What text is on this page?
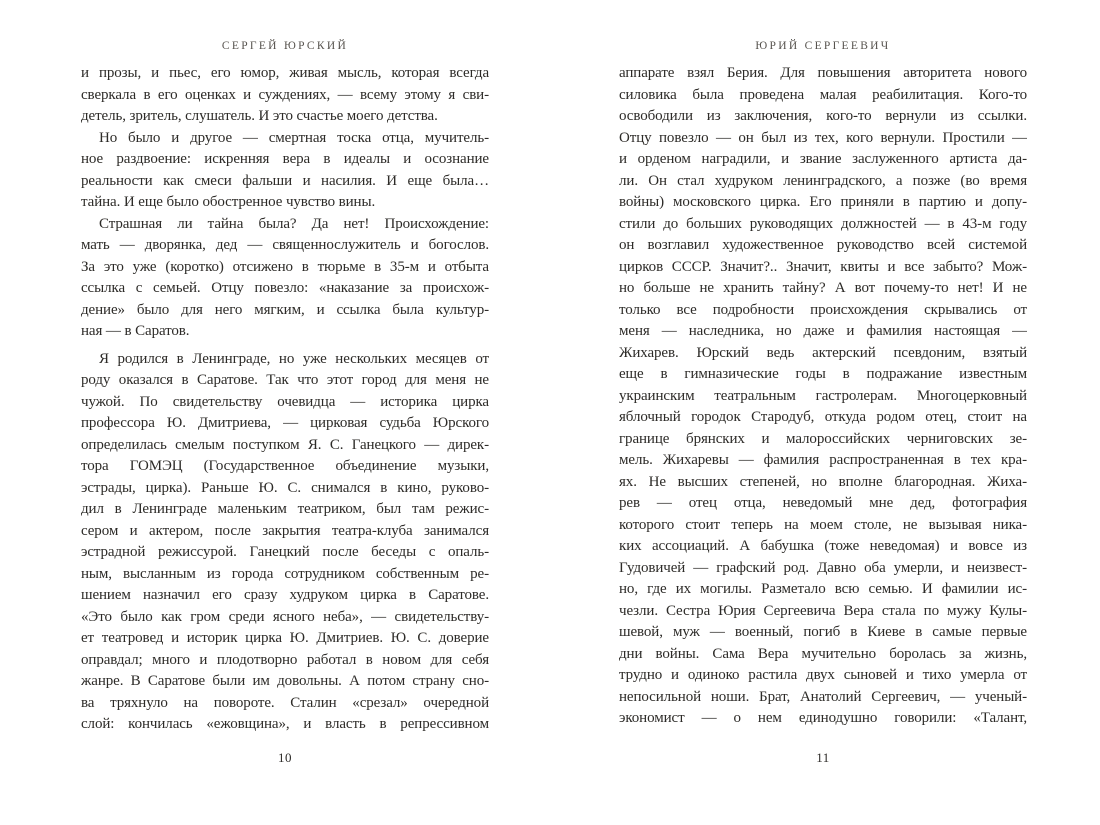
СЕРГЕЙ ЮРСКИЙ
и прозы, и пьес, его юмор, живая мысль, которая всегда
сверкала в его оценках и суждениях, — всему этому я сви-
детель, зритель, слушатель. И это счастье моего детства.
Но было и другое — смертная тоска отца, мучитель-
ное раздвоение: искренняя вера в идеалы и осознание
реальности как смеси фальши и насилия. И еще была…
тайна. И еще было обостренное чувство вины.
Страшная ли тайна была? Да нет! Происхождение:
мать — дворянка, дед — священнослужитель и богослов.
За это уже (коротко) отсижено в тюрьме в 35-м и отбыта
ссылка с семьей. Отцу повезло: «наказание за происхож-
дение» было для него мягким, и ссылка была культур-
ная — в Саратов.
Я родился в Ленинграде, но уже нескольких месяцев от
роду оказался в Саратове. Так что этот город для меня не
чужой. По свидетельству очевидца — историка цирка
профессора Ю. Дмитриева, — цирковая судьба Юрского
определилась смелым поступком Я. С. Ганецкого — дирек-
тора ГОМЭЦ (Государственное объединение музыки,
эстрады, цирка). Раньше Ю. С. снимался в кино, руково-
дил в Ленинграде маленьким театриком, был там режис-
сером и актером, после закрытия театра-клуба занимался
эстрадной режиссурой. Ганецкий после беседы с опаль-
ным, высланным из города сотрудником собственным ре-
шением назначил его сразу худруком цирка в Саратове.
«Это было как гром среди ясного неба», — свидетельству-
ет театровед и историк цирка Ю. Дмитриев. Ю. С. доверие
оправдал; много и плодотворно работал в новом для себя
жанре. В Саратове были им довольны. А потом страну сно-
ва тряхнуло на повороте. Сталин «срезал» очередной
слой: кончилась «ежовщина», и власть в репрессивном
10
ЮРИЙ СЕРГЕЕВИЧ
аппарате взял Берия. Для повышения авторитета нового
силовика была проведена малая реабилитация. Кого-то
освободили из заключения, кого-то вернули из ссылки.
Отцу повезло — он был из тех, кого вернули. Простили —
и орденом наградили, и звание заслуженного артиста да-
ли. Он стал худруком ленинградского, а позже (во время
войны) московского цирка. Его приняли в партию и допу-
стили до больших руководящих должностей — в 43-м году
он возглавил художественное руководство всей системой
цирков СССР. Значит?.. Значит, квиты и все забыто? Мож-
но больше не хранить тайну? А вот почему-то нет! И не
только все подробности происхождения скрывались от
меня — наследника, но даже и фамилия настоящая —
Жихарев. Юрский ведь актерский псевдоним, взятый
еще в гимназические годы в подражание известным
украинским театральным гастролерам. Многоцерковный
яблочный городок Стародуб, откуда родом отец, стоит на
границе брянских и малороссийских черниговских зе-
мель. Жихаревы — фамилия распространенная в тех кра-
ях. Не высших степеней, но вполне благородная. Жиха-
рев — отец отца, неведомый мне дед, фотография
которого стоит теперь на моем столе, не вызывая ника-
ких ассоциаций. А бабушка (тоже неведомая) и вовсе из
Гудовичей — графский род. Давно оба умерли, и неизвест-
но, где их могилы. Разметало всю семью. И фамилии ис-
чезли. Сестра Юрия Сергеевича Вера стала по мужу Кулы-
шевой, муж — военный, погиб в Киеве в самые первые
дни войны. Сама Вера мучительно боролась за жизнь,
трудно и одиноко растила двух сыновей и тихо умерла от
непосильной ноши. Брат, Анатолий Сергеевич, — ученый-
экономист — о нем единодушно говорили: «Талант,
11
